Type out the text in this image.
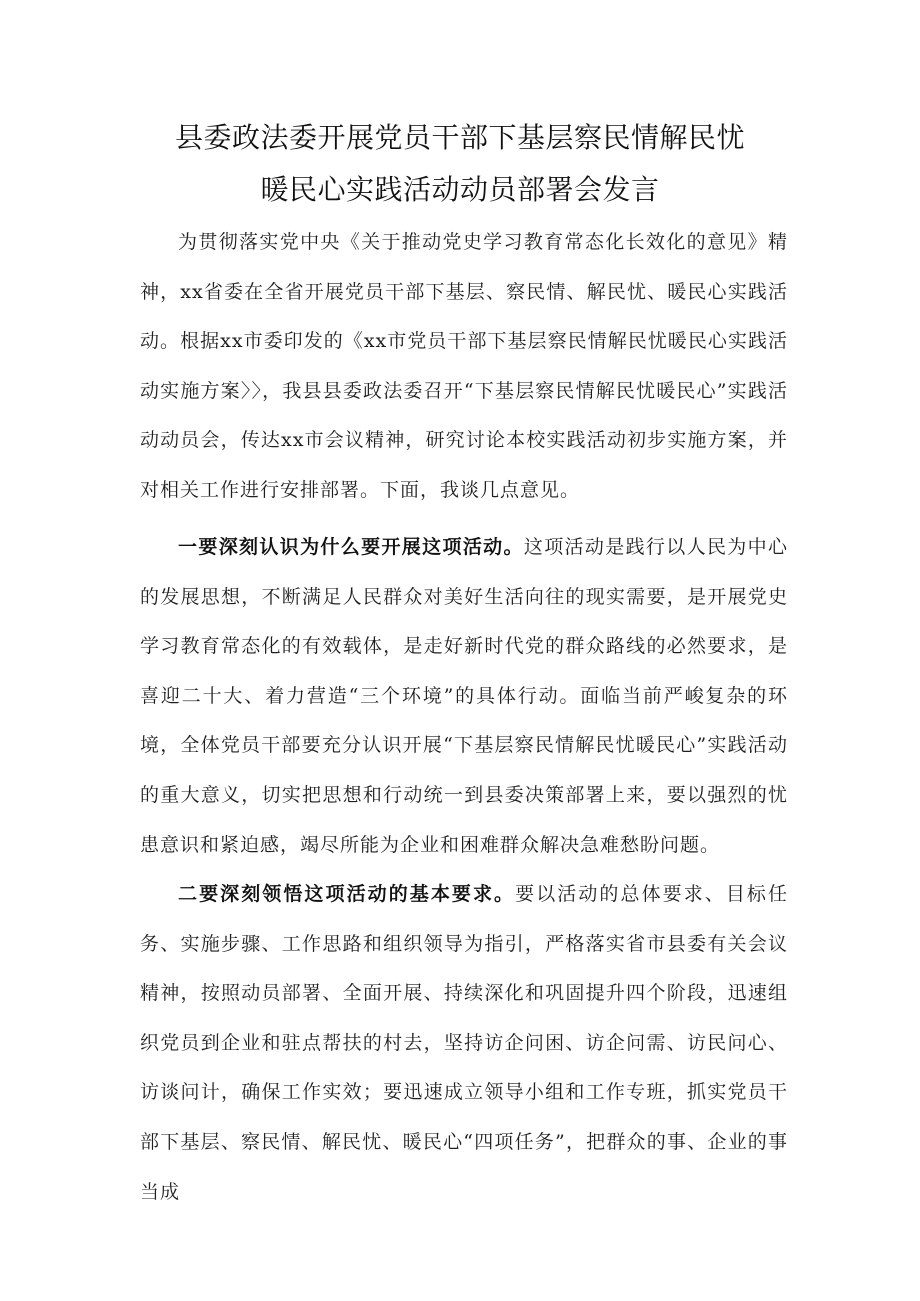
县委政法委开展党员干部下基层察民情解民忧
暖民心实践活动动员部署会发言

为贯彻落实党中央《关于推动党史学习教育常态化长效化的意见》精神，xx省委在全省开展党员干部下基层、察民情、解民忧、暖民心实践活动。根据xx市委印发的《xx市党员干部下基层察民情解民忧暖民心实践活动实施方案〉〉，我县县委政法委召开“下基层察民情解民忧暖民心”实践活动动员会，传达xx市会议精神，研究讨论本校实践活动初步实施方案，并对相关工作进行安排部署。下面，我谈几点意见。

一要深刻认识为什么要开展这项活动。这项活动是践行以人民为中心的发展思想，不断满足人民群众对美好生活向往的现实需要，是开展党史学习教育常态化的有效载体，是走好新时代党的群众路线的必然要求，是喜迎二十大、着力营造“三个环境”的具体行动。面临当前严峻复杂的环境，全体党员干部要充分认识开展“下基层察民情解民忧暖民心”实践活动的重大意义，切实把思想和行动统一到县委决策部署上来，要以强烈的忧患意识和紧迫感，竭尽所能为企业和困难群众解决急难愁盼问题。

二要深刻领悟这项活动的基本要求。要以活动的总体要求、目标任务、实施步骤、工作思路和组织领导为指引，严格落实省市县委有关会议精神，按照动员部署、全面开展、持续深化和巩固提升四个阶段，迅速组织党员到企业和驻点帮扶的村去，坚持访企问困、访企问需、访民问心、访谈问计，确保工作实效；要迅速成立领导小组和工作专班，抓实党员干部下基层、察民情、解民忧、暖民心“四项任务”，把群众的事、企业的事当成
